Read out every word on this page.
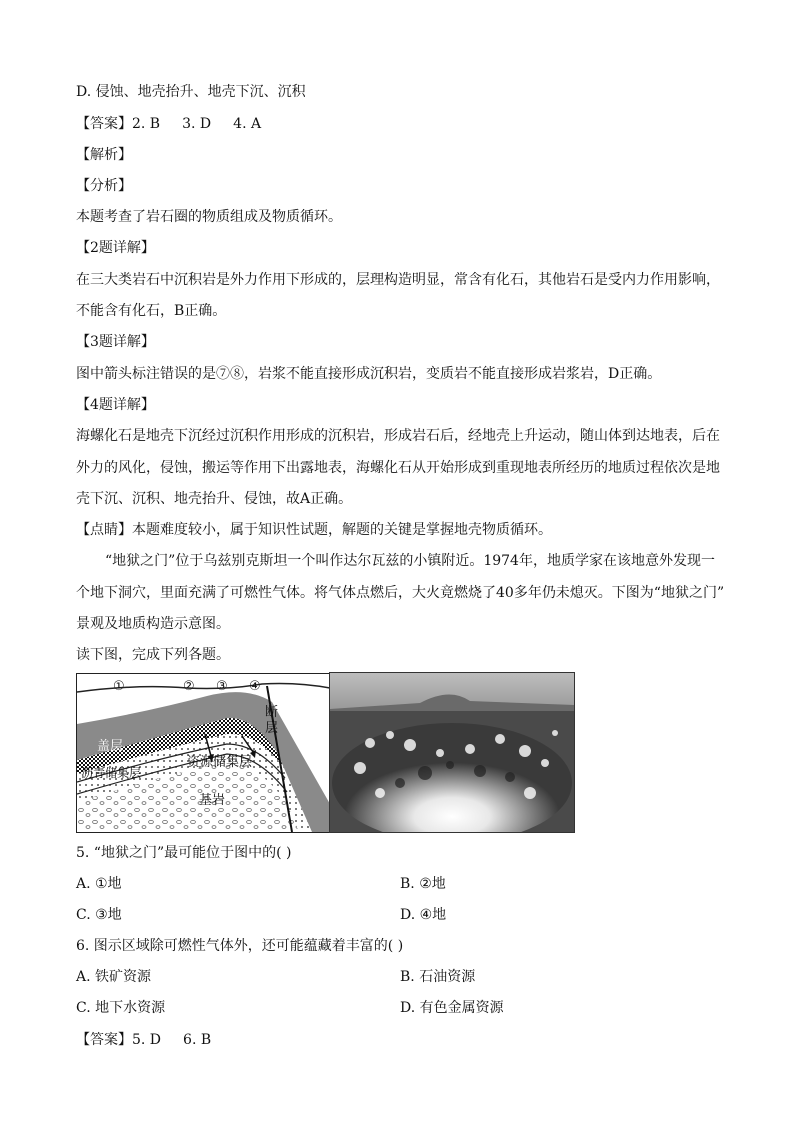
D. 侵蚀、地壳抬升、地壳下沉、沉积
【答案】2. B 3. D 4. A
【解析】
【分析】
本题考查了岩石圈的物质组成及物质循环。
【2题详解】
在三大类岩石中沉积岩是外力作用下形成的，层理构造明显，常含有化石，其他岩石是受内力作用影响，
不能含有化石，B正确。
【3题详解】
图中箭头标注错误的是⑦⑧，岩浆不能直接形成沉积岩，变质岩不能直接形成岩浆岩，D正确。
【4题详解】
海螺化石是地壳下沉经过沉积作用形成的沉积岩，形成岩石后，经地壳上升运动，随山体到达地表，后在
外力的风化，侵蚀，搬运等作用下出露地表，海螺化石从开始形成到重现地表所经历的地质过程依次是地
壳下沉、沉积、地壳抬升、侵蚀，故A正确。
【点睛】本题难度较小，属于知识性试题，解题的关键是掌握地壳物质循环。
“地狱之门”位于乌兹别克斯坦一个叫作达尔瓦兹的小镇附近。1974年，地质学家在该地意外发现一
个地下洞穴，里面充满了可燃性气体。将气体点燃后，大火竟燃烧了40多年仍未熄灭。下图为“地狱之门”
景观及地质构造示意图。
读下图，完成下列各题。
①	② ③ ④
断
层
盖层
沥青储集层
资源储集层
基岩
5. “地狱之门”最可能位于图中的( )
A. ①地	B. ②地
C. ③地	D. ④地
6. 图示区域除可燃性气体外，还可能蕴藏着丰富的( )
A. 铁矿资源	B. 石油资源
C. 地下水资源	D. 有色金属资源
【答案】5. D 6. B
